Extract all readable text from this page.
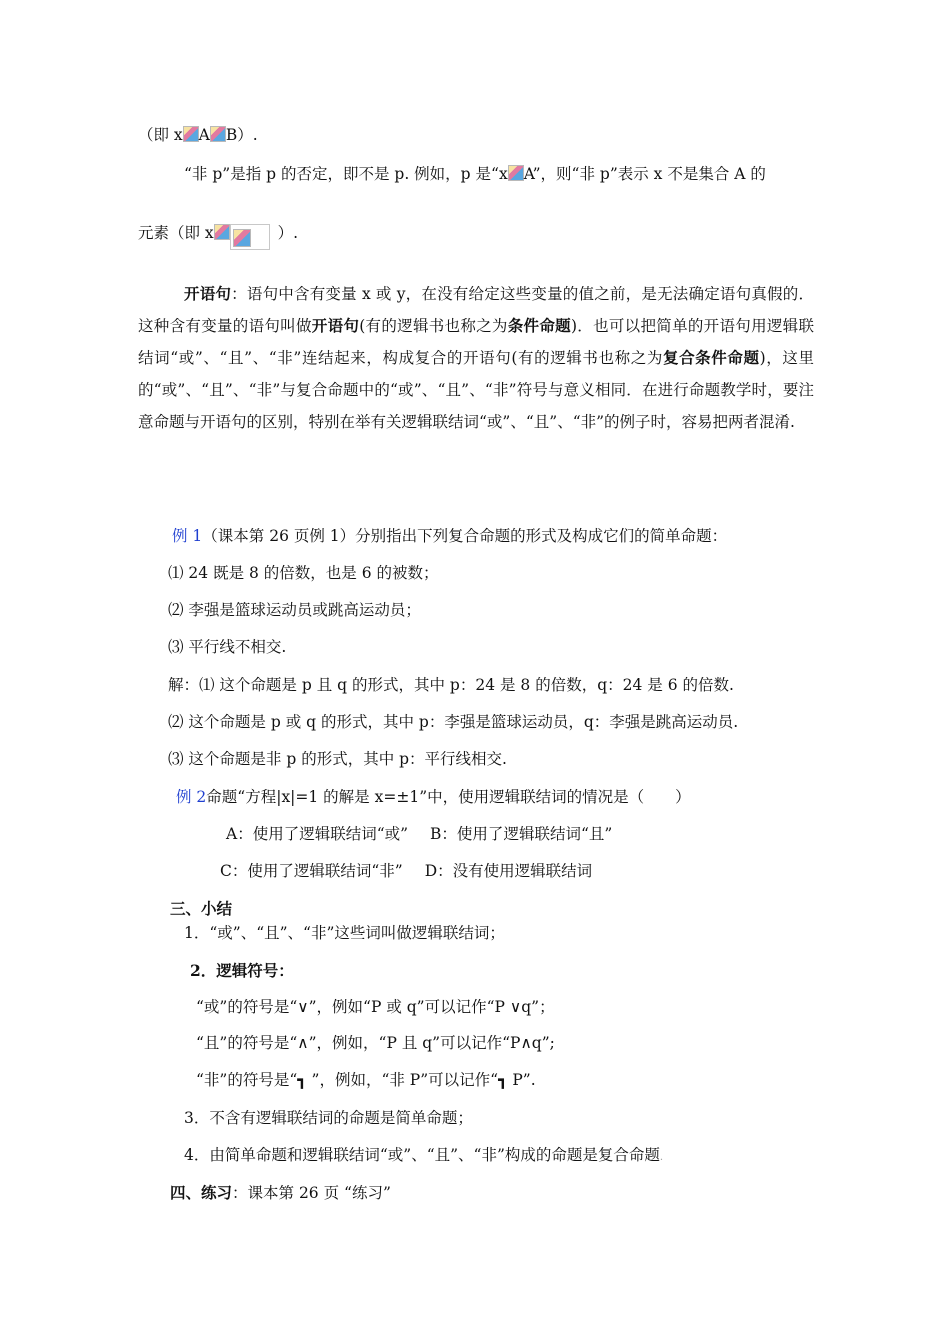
（即 x A B）.
“非 p”是指 p 的否定，即不是 p. 例如，p 是“x A”，则“非 p”表示 x 不是集合 A 的
元素（即 x	）.
开语句：语句中含有变量 x 或 y，在没有给定这些变量的值之前，是无法确定语句真假的．这种含有变量的语句叫做开语句(有的逻辑书也称之为条件命题)．也可以把简单的开语句用逻辑联结词“或”、“且”、“非”连结起来，构成复合的开语句(有的逻辑书也称之为复合条件命题)，这里的“或”、“且”、“非”与复合命题中的“或”、“且”、“非”符号与意义相同．在进行命题教学时，要注意命题与开语句的区别，特别在举有关逻辑联结词“或”、“且”、“非”的例子时，容易把两者混淆.
例 1（课本第 26 页例 1）分别指出下列复合命题的形式及构成它们的简单命题：
⑴ 24 既是 8 的倍数，也是 6 的被数；
⑵ 李强是篮球运动员或跳高运动员；
⑶ 平行线不相交.
解：⑴ 这个命题是 p 且 q 的形式，其中 p：24 是 8 的倍数，q：24 是 6 的倍数.
⑵ 这个命题是 p 或 q 的形式，其中 p：李强是篮球运动员，q：李强是跳高运动员.
⑶ 这个命题是非 p 的形式，其中 p：平行线相交.
例 2命题“方程|x|=1 的解是 x=±1”中，使用逻辑联结词的情况是（　　）
A：使用了逻辑联结词“或” B：使用了逻辑联结词“且”
C：使用了逻辑联结词“非” D：没有使用逻辑联结词
三、小结
1．“或”、“且”、“非”这些词叫做逻辑联结词；
2．逻辑符号：
“或”的符号是“∨”，例如“P 或 q”可以记作“P ∨q”；
“且”的符号是“∧”，例如，“P 且 q”可以记作“P∧q”;
“非”的符号是“┓ ”，例如，“非 P”可以记作“┓ P”.
3．不含有逻辑联结词的命题是简单命题；
4．由简单命题和逻辑联结词“或”、“且”、“非”构成的命题是复合命题.
四、练习：课本第 26 页 “练习”
